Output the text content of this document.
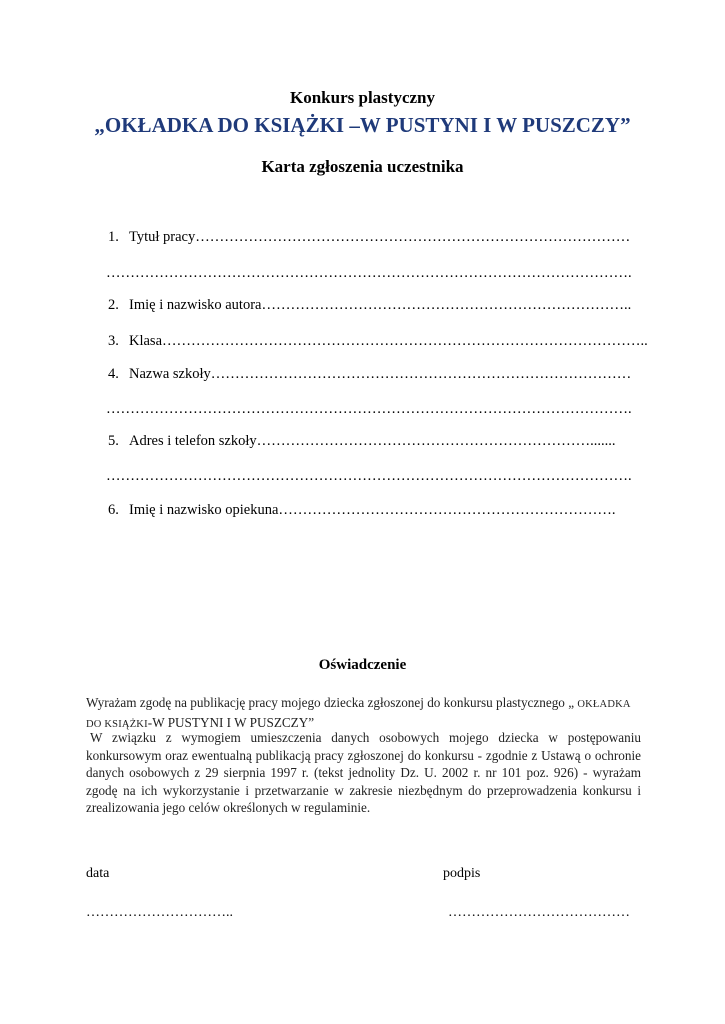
Konkurs plastyczny
„OKŁADKA DO KSIĄŻKI –W PUSTYNI I W PUSZCZY”
Karta zgłoszenia uczestnika
1. Tytuł pracy………………………………………………………………………………
……………………………………………………………………………………………….
2. Imię i nazwisko autora…………………………………………………………………..
3. Klasa………………………………………………………………………………………..
4. Nazwa szkoły……………………………………………………………………………
……………………………………………………………………………………………….
5. Adres i telefon szkoły…………………………………………………………….......
……………………………………………………………………………………………….
6. Imię i nazwisko opiekuna…………………………………………………………….
Oświadczenie
Wyrażam zgodę na publikację pracy mojego dziecka zgłoszonej do konkursu plastycznego „ OKŁADKA
DO KSIĄŻKI-W PUSTYNI I W PUSZCZY”
W związku z wymogiem umieszczenia danych osobowych mojego dziecka w postępowaniu konkursowym oraz ewentualną publikacją pracy zgłoszonej do konkursu - zgodnie z Ustawą o ochronie danych osobowych z 29 sierpnia 1997 r. (tekst jednolity Dz. U. 2002 r. nr 101 poz. 926) - wyrażam zgodę na ich wykorzystanie i przetwarzanie w zakresie niezbędnym do przeprowadzenia konkursu i zrealizowania jego celów określonych w regulaminie.
data	podpis
…………………………..	…………………………………
